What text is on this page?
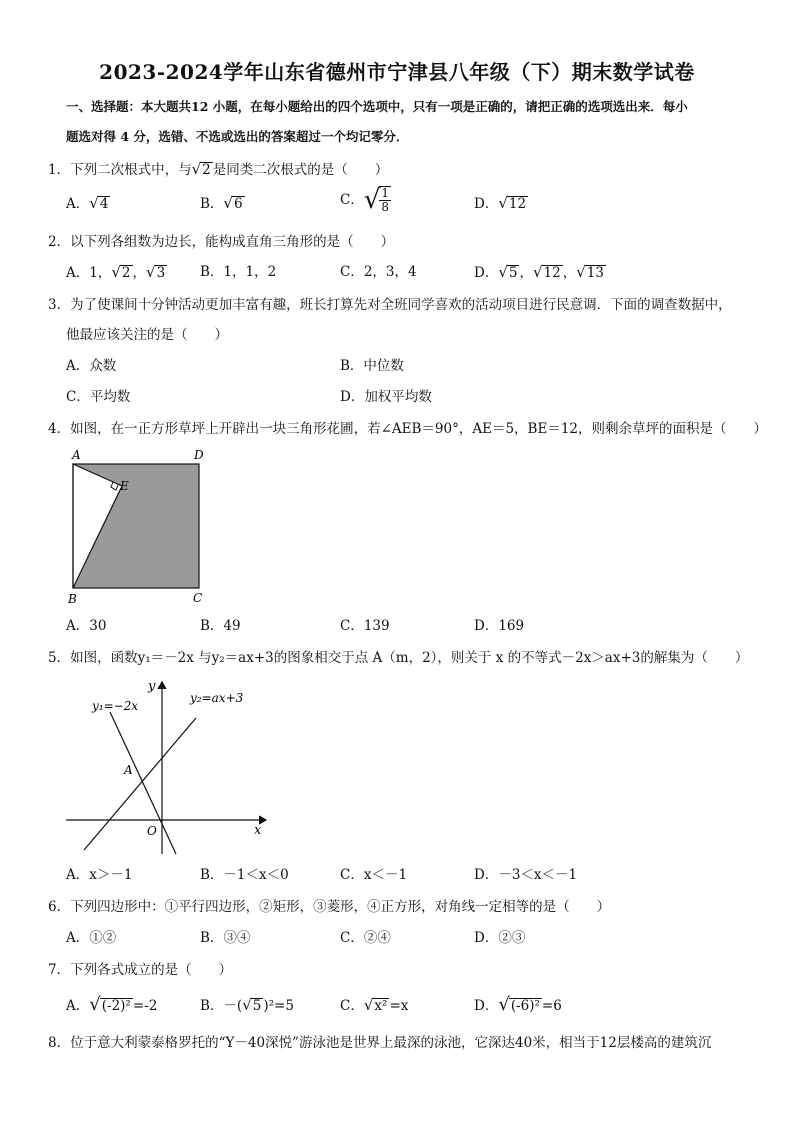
2023-2024学年山东省德州市宁津县八年级（下）期末数学试卷
一、选择题：本大题共12 小题，在每小题给出的四个选项中，只有一项是正确的，请把正确的选项选出来．每小
题选对得 4 分，选错、不选或选出的答案超过一个均记零分．
1．下列二次根式中，与√2 是同类二次根式的是（　　）
A．√4	B．√6	C．√ $\frac{1}{8}$	D．√12
2．以下列各组数为边长，能构成直角三角形的是（　　）
A．1，√2 ，√3	B．1，1，2	C．2，3，4	D．√5 ，√12 ，√13
3．为了使课间十分钟活动更加丰富有趣，班长打算先对全班同学喜欢的活动项目进行民意调．下面的调查数据中，
他最应该关注的是（　　）
A．众数	B．中位数
C．平均数	D．加权平均数
4．如图，在一正方形草坪上开辟出一块三角形花圃，若∠AEB＝90°，AE＝5，BE＝12，则剩余草坪的面积是（　　）
A	D
E
B	C
A．30	B．49	C．139	D．169
5．如图，函数y₁＝－2x 与y₂＝ax+3的图象相交于点 A（m，2），则关于 x 的不等式－2x＞ax+3的解集为（　　）
y
x
O
A
y₁=−2x
y₂=ax+3
A．x＞－1	B．－1＜x＜0	C．x＜－1	D．－3＜x＜－1
6．下列四边形中：①平行四边形，②矩形，③菱形，④正方形，对角线一定相等的是（　　）
A．①②	B．③④	C．②④	D．②③
7．下列各式成立的是（　　）
A．√(-2)² =-2	B．－(√5 )²=5	C．√x² =x	D．√(-6)² =6
8．位于意大利蒙泰格罗托的“Y－40深悦”游泳池是世界上最深的泳池，它深达40米，相当于12层楼高的建筑沉
